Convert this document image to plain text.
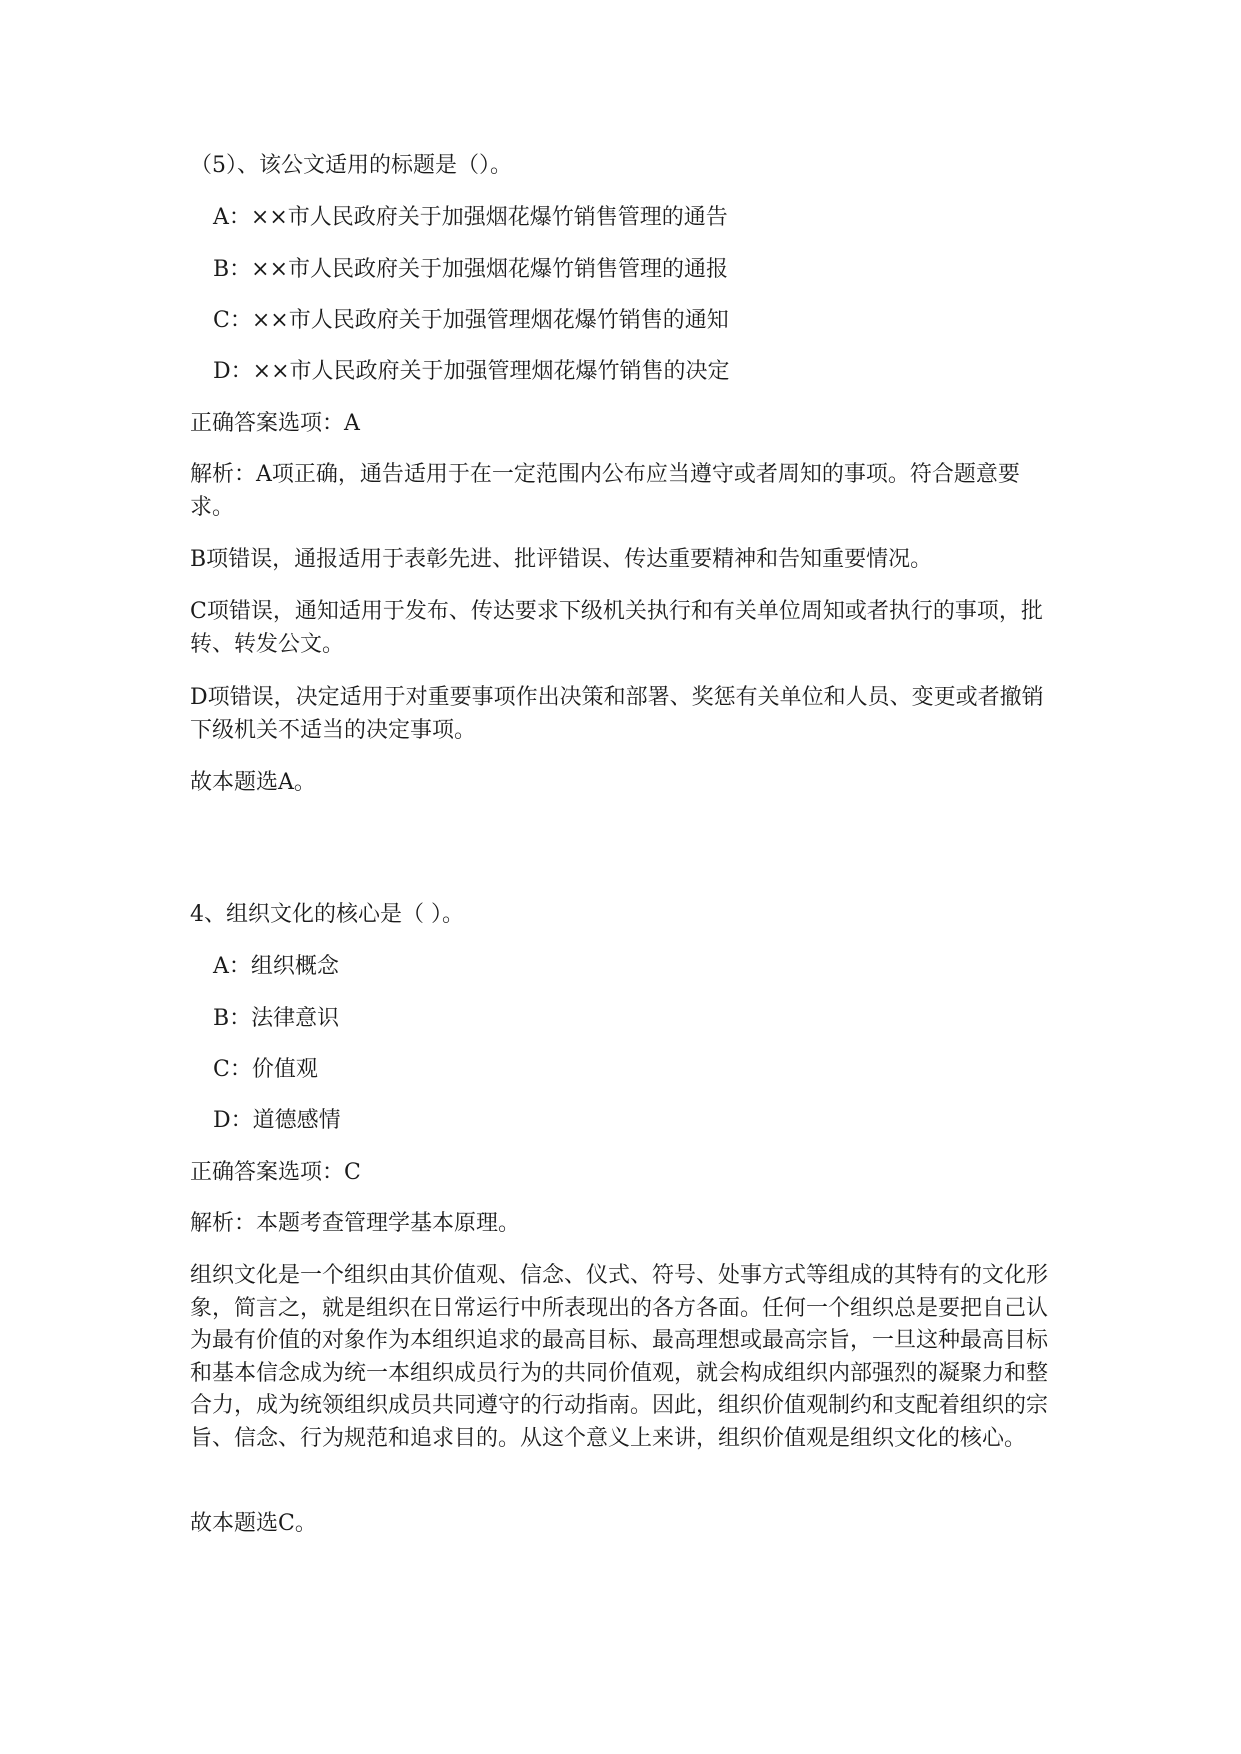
（5）、该公文适用的标题是（）。
A：××市人民政府关于加强烟花爆竹销售管理的通告
B：××市人民政府关于加强烟花爆竹销售管理的通报
C：××市人民政府关于加强管理烟花爆竹销售的通知
D：××市人民政府关于加强管理烟花爆竹销售的决定
正确答案选项：A
解析：A项正确，通告适用于在一定范围内公布应当遵守或者周知的事项。符合题意要求。
B项错误，通报适用于表彰先进、批评错误、传达重要精神和告知重要情况。
C项错误，通知适用于发布、传达要求下级机关执行和有关单位周知或者执行的事项，批转、转发公文。
D项错误，决定适用于对重要事项作出决策和部署、奖惩有关单位和人员、变更或者撤销下级机关不适当的决定事项。
故本题选A。
4、组织文化的核心是（ ）。
A：组织概念
B：法律意识
C：价值观
D：道德感情
正确答案选项：C
解析：本题考查管理学基本原理。
组织文化是一个组织由其价值观、信念、仪式、符号、处事方式等组成的其特有的文化形象，简言之，就是组织在日常运行中所表现出的各方各面。任何一个组织总是要把自己认为最有价值的对象作为本组织追求的最高目标、最高理想或最高宗旨，一旦这种最高目标和基本信念成为统一本组织成员行为的共同价值观，就会构成组织内部强烈的凝聚力和整合力，成为统领组织成员共同遵守的行动指南。因此，组织价值观制约和支配着组织的宗旨、信念、行为规范和追求目的。从这个意义上来讲，组织价值观是组织文化的核心。
故本题选C。
